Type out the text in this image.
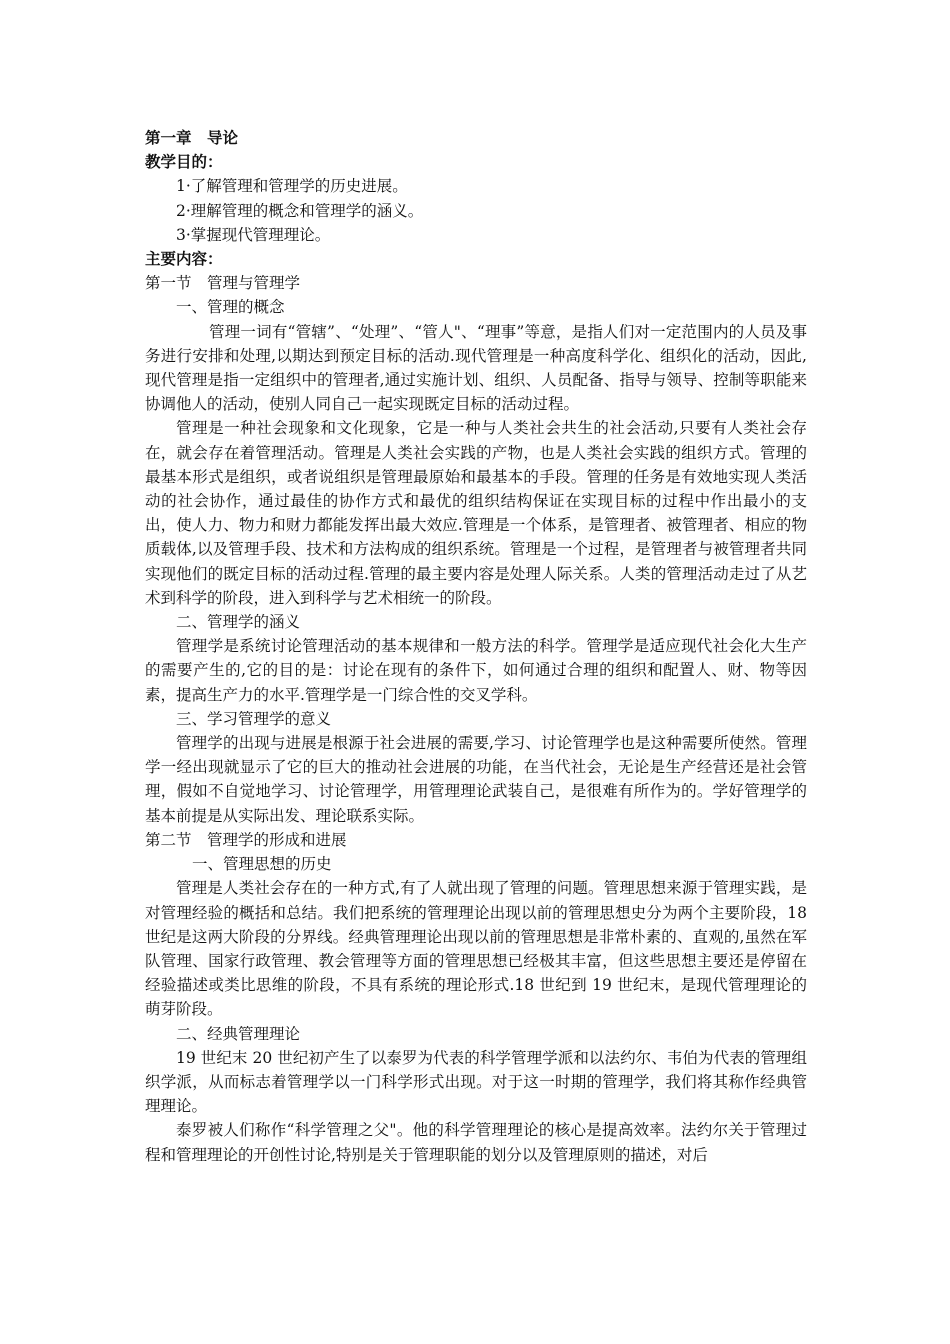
第一章　导论

教学目的：

1·了解管理和管理学的历史进展。

2·理解管理的概念和管理学的涵义。

3·掌握现代管理理论。

主要内容：

第一节　管理与管理学

一、管理的概念

管理一词有“管辖”、“处理”、“管人"、“理事”等意，是指人们对一定范围内的人员及事务进行安排和处理,以期达到预定目标的活动.现代管理是一种高度科学化、组织化的活动，因此,现代管理是指一定组织中的管理者,通过实施计划、组织、人员配备、指导与领导、控制等职能来协调他人的活动，使别人同自己一起实现既定目标的活动过程。

管理是一种社会现象和文化现象，它是一种与人类社会共生的社会活动,只要有人类社会存在，就会存在着管理活动。管理是人类社会实践的产物，也是人类社会实践的组织方式。管理的最基本形式是组织，或者说组织是管理最原始和最基本的手段。管理的任务是有效地实现人类活动的社会协作，通过最佳的协作方式和最优的组织结构保证在实现目标的过程中作出最小的支出，使人力、物力和财力都能发挥出最大效应.管理是一个体系，是管理者、被管理者、相应的物质载体,以及管理手段、技术和方法构成的组织系统。管理是一个过程，是管理者与被管理者共同实现他们的既定目标的活动过程.管理的最主要内容是处理人际关系。人类的管理活动走过了从艺术到科学的阶段，进入到科学与艺术相统一的阶段。

二、管理学的涵义

管理学是系统讨论管理活动的基本规律和一般方法的科学。管理学是适应现代社会化大生产的需要产生的,它的目的是：讨论在现有的条件下，如何通过合理的组织和配置人、财、物等因素，提高生产力的水平.管理学是一门综合性的交叉学科。

三、学习管理学的意义

管理学的出现与进展是根源于社会进展的需要,学习、讨论管理学也是这种需要所使然。管理学一经出现就显示了它的巨大的推动社会进展的功能，在当代社会，无论是生产经营还是社会管理，假如不自觉地学习、讨论管理学，用管理理论武装自己，是很难有所作为的。学好管理学的基本前提是从实际出发、理论联系实际。

第二节　管理学的形成和进展

一、管理思想的历史

管理是人类社会存在的一种方式,有了人就出现了管理的问题。管理思想来源于管理实践，是对管理经验的概括和总结。我们把系统的管理理论出现以前的管理思想史分为两个主要阶段，18 世纪是这两大阶段的分界线。经典管理理论出现以前的管理思想是非常朴素的、直观的,虽然在军队管理、国家行政管理、教会管理等方面的管理思想已经极其丰富，但这些思想主要还是停留在经验描述或类比思维的阶段，不具有系统的理论形式.18 世纪到 19 世纪末，是现代管理理论的萌芽阶段。

二、经典管理理论

19 世纪末 20 世纪初产生了以泰罗为代表的科学管理学派和以法约尔、韦伯为代表的管理组织学派，从而标志着管理学以一门科学形式出现。对于这一时期的管理学，我们将其称作经典管理理论。

泰罗被人们称作“科学管理之父"。他的科学管理理论的核心是提高效率。法约尔关于管理过程和管理理论的开创性讨论,特别是关于管理职能的划分以及管理原则的描述，对后
